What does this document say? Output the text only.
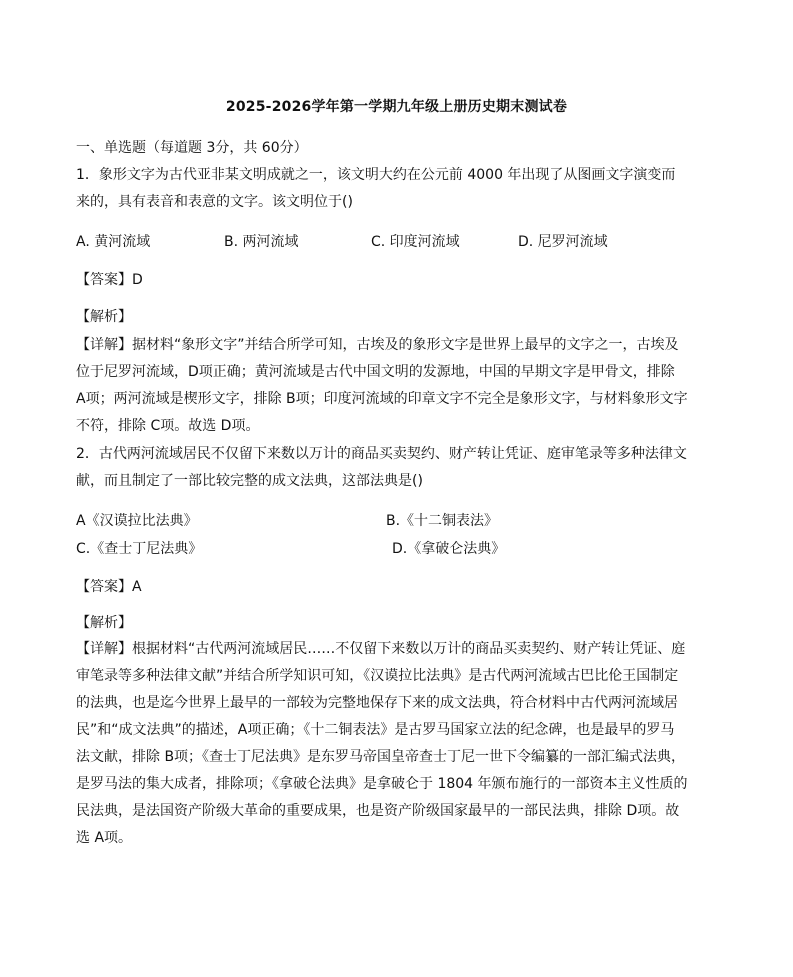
2025-2026学年第一学期九年级上册历史期末测试卷
一、单选题（每道题 3分，共 60分）
1．象形文字为古代亚非某文明成就之一，该文明大约在公元前 4000 年出现了从图画文字演变而来的，具有表音和表意的文字。该文明位于()
A. 黄河流域	B. 两河流域	C. 印度河流域	D. 尼罗河流域
【答案】D
【解析】
【详解】据材料“象形文字”并结合所学可知，古埃及的象形文字是世界上最早的文字之一，古埃及位于尼罗河流域，D项正确；黄河流域是古代中国文明的发源地，中国的早期文字是甲骨文，排除 A项；两河流域是楔形文字，排除 B项；印度河流域的印章文字不完全是象形文字，与材料象形文字不符，排除 C项。故选 D项。
2．古代两河流域居民不仅留下来数以万计的商品买卖契约、财产转让凭证、庭审笔录等多种法律文献，而且制定了一部比较完整的成文法典，这部法典是()
A《汉谟拉比法典》	B.《十二铜表法》
C.《查士丁尼法典》	D.《拿破仑法典》
【答案】A
【解析】
【详解】根据材料“古代两河流域居民……不仅留下来数以万计的商品买卖契约、财产转让凭证、庭审笔录等多种法律文献”并结合所学知识可知，《汉谟拉比法典》是古代两河流域古巴比伦王国制定的法典，也是迄今世界上最早的一部较为完整地保存下来的成文法典，符合材料中古代两河流域居民”和“成文法典”的描述，A项正确；《十二铜表法》是古罗马国家立法的纪念碑，也是最早的罗马法文献，排除 B项；《查士丁尼法典》是东罗马帝国皇帝查士丁尼一世下令编纂的一部汇编式法典，是罗马法的集大成者，排除项；《拿破仑法典》是拿破仑于 1804 年颁布施行的一部资本主义性质的民法典，是法国资产阶级大革命的重要成果，也是资产阶级国家最早的一部民法典，排除 D项。故选 A项。
